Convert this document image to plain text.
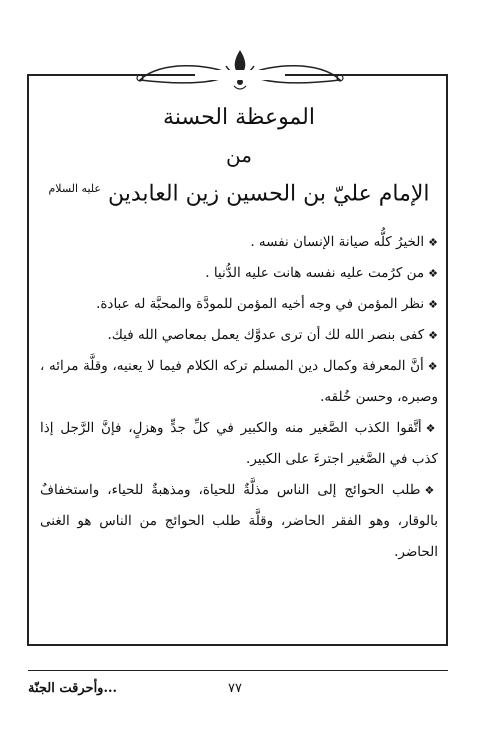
الموعظة الحسنة
من
الإمام عليّ بن الحسين زين العابدين $^{عليه السلام}$
❖الخيرُ كلُّه صيانة الإنسان نفسه .
❖من كرُمت عليه نفسه هانت عليه الدُّنيا .
❖نظر المؤمن في وجه أخيه المؤمن للمودَّة والمحبَّة له عبادة.
❖كفى بنصر الله لك أن ترى عدوَّك يعمل بمعاصي الله فيك.
❖أنَّ المعرفة وكمال دين المسلم تركه الكلام فيما لا يعنيه، وقلَّة مرائه ، وصبره، وحسن خُلقه.
❖أتَّقوا الكذب الصَّغير منه والكبير في كلِّ جدٍّ وهزلٍ، فإنَّ الرَّجل إذا كذب في الصَّغير اجترءَ على الكبير.
❖طلب الحوائج إلى الناس مذلَّةٌ للحياة، ومذهبةٌ للحياء، واستخفافٌ بالوقار، وهو الفقر الحاضر، وقلَّة طلب الحوائج من الناس هو الغنى الحاضر.
...وأحرقت الجنّة	٧٧
